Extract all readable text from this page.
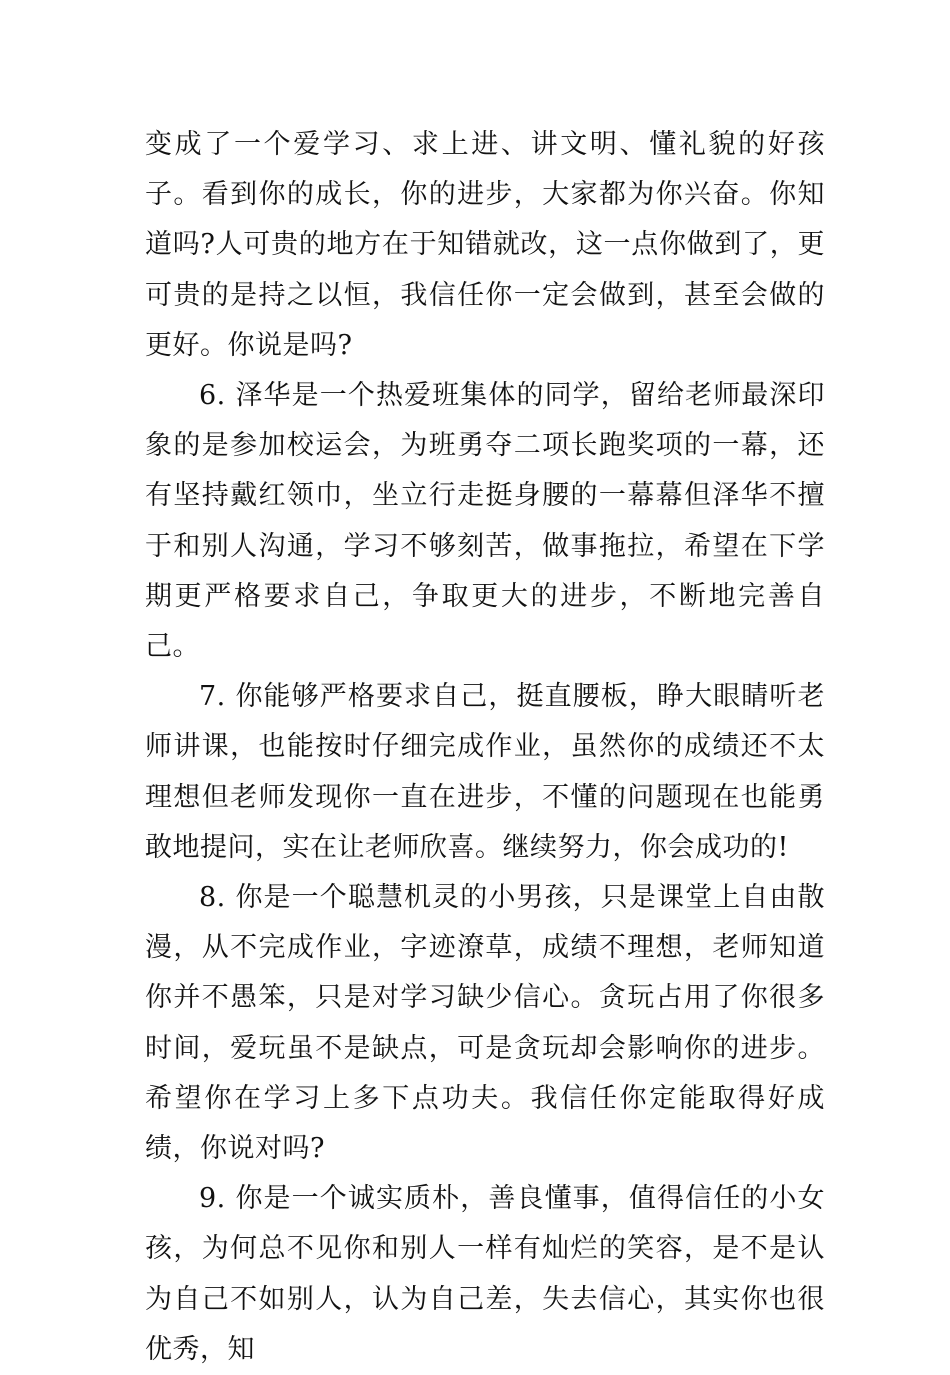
变成了一个爱学习、求上进、讲文明、懂礼貌的好孩子。看到你的成长，你的进步，大家都为你兴奋。你知道吗?人可贵的地方在于知错就改，这一点你做到了，更可贵的是持之以恒，我信任你一定会做到，甚至会做的更好。你说是吗?

6. 泽华是一个热爱班集体的同学，留给老师最深印象的是参加校运会，为班勇夺二项长跑奖项的一幕，还有坚持戴红领巾，坐立行走挺身腰的一幕幕但泽华不擅于和别人沟通，学习不够刻苦，做事拖拉，希望在下学期更严格要求自己，争取更大的进步，不断地完善自己。

7. 你能够严格要求自己，挺直腰板，睁大眼睛听老师讲课，也能按时仔细完成作业，虽然你的成绩还不太理想但老师发现你一直在进步，不懂的问题现在也能勇敢地提问，实在让老师欣喜。继续努力，你会成功的!

8. 你是一个聪慧机灵的小男孩，只是课堂上自由散漫，从不完成作业，字迹潦草，成绩不理想，老师知道你并不愚笨，只是对学习缺少信心。贪玩占用了你很多时间，爱玩虽不是缺点，可是贪玩却会影响你的进步。希望你在学习上多下点功夫。我信任你定能取得好成绩，你说对吗?

9. 你是一个诚实质朴，善良懂事，值得信任的小女孩，为何总不见你和别人一样有灿烂的笑容，是不是认为自己不如别人，认为自己差，失去信心，其实你也很优秀，知
